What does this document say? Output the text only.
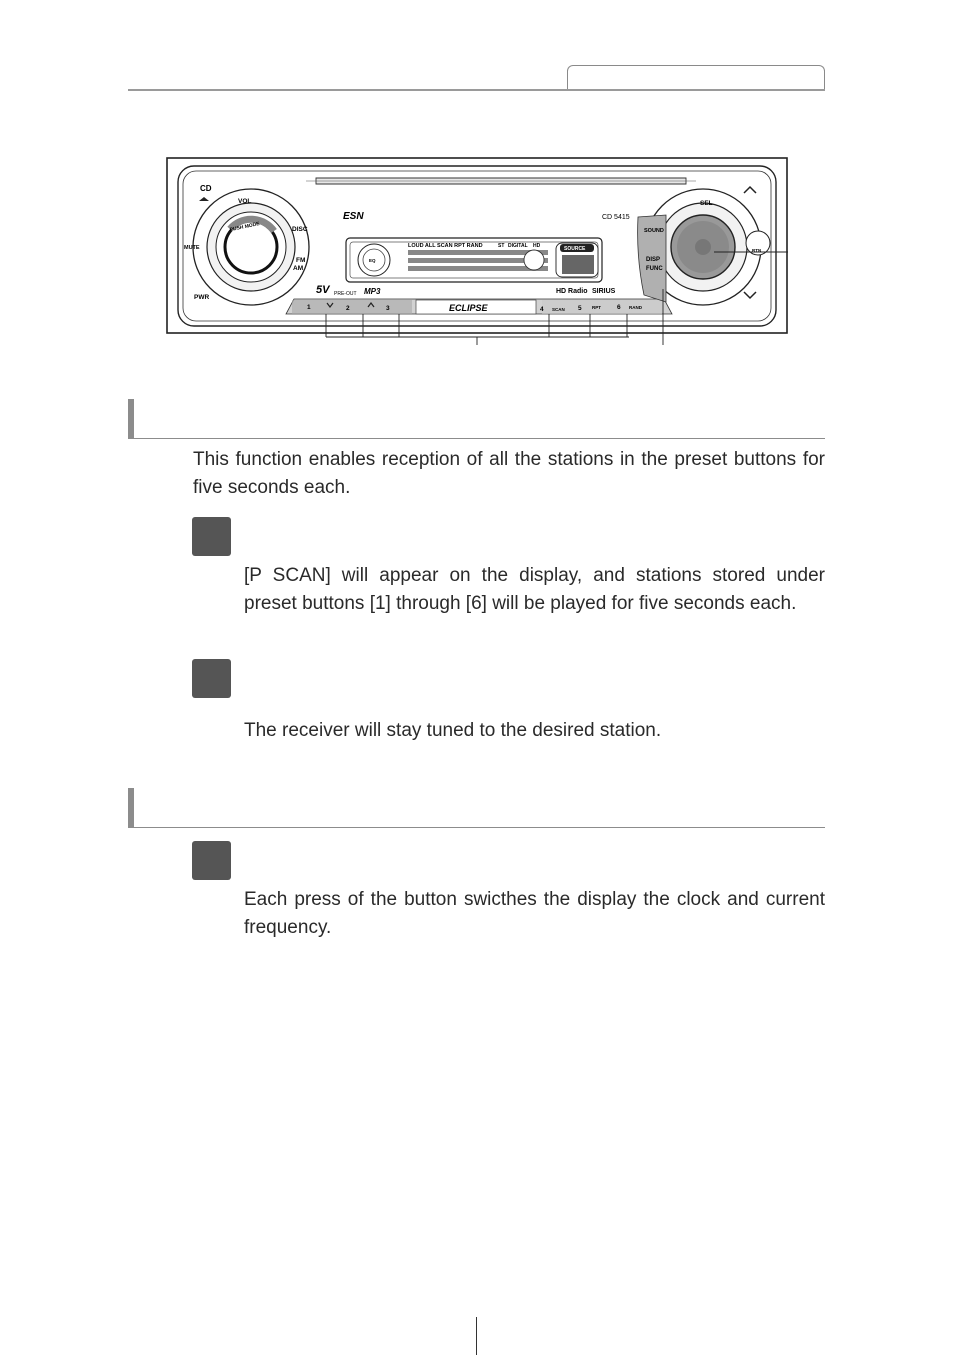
CD
VOL
PUSH MODE
MUTE
DISC
FM
AM
PWR
ESN	CD 5415
SOUND
SEL
DISP
FUNC
RTN
LOUD ALL SCAN RPT RAND	ST DIGITAL HD	SOURCE
EQ
5V PRE-OUT MP3	HD Radio SIRIUS
ECLIPSE
1	2	3	4 SCAN 5 RPT 6 RAND

This function enables reception of all the stations in the preset buttons for five seconds each.

[P SCAN] will appear on the display, and stations stored under preset buttons [1] through [6] will be played for five seconds each.

The receiver will stay tuned to the desired station.

Each press of the button swicthes the display the clock and current frequency.
